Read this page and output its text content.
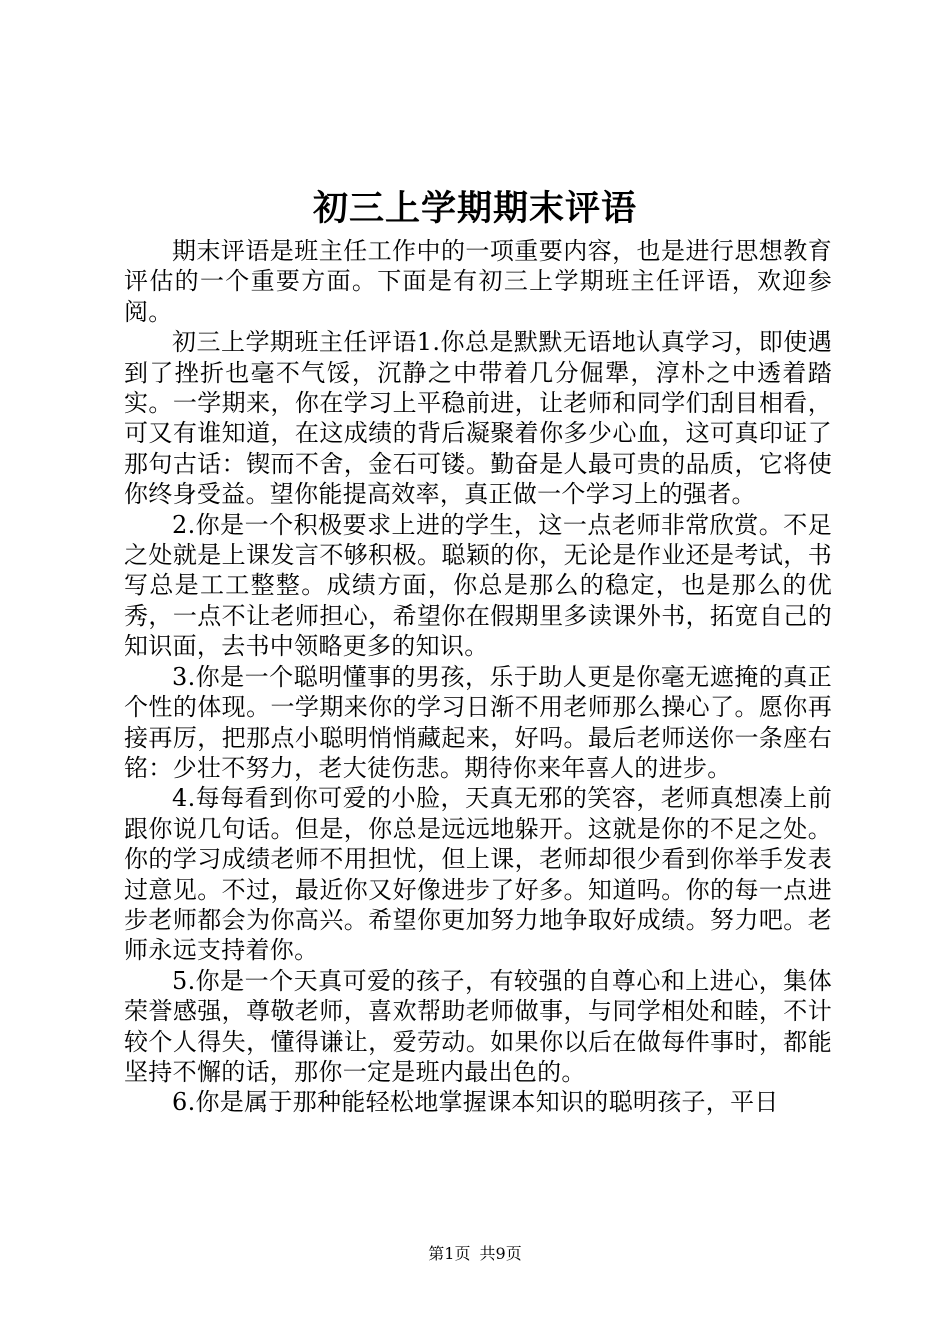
初三上学期期末评语

期末评语是班主任工作中的一项重要内容，也是进行思想教育评估的一个重要方面。下面是有初三上学期班主任评语，欢迎参阅。

初三上学期班主任评语1.你总是默默无语地认真学习，即使遇到了挫折也毫不气馁，沉静之中带着几分倔犟，淳朴之中透着踏实。一学期来，你在学习上平稳前进，让老师和同学们刮目相看，可又有谁知道，在这成绩的背后凝聚着你多少心血，这可真印证了那句古话：锲而不舍，金石可镂。勤奋是人最可贵的品质，它将使你终身受益。望你能提高效率，真正做一个学习上的强者。

2.你是一个积极要求上进的学生，这一点老师非常欣赏。不足之处就是上课发言不够积极。聪颖的你，无论是作业还是考试，书写总是工工整整。成绩方面，你总是那么的稳定，也是那么的优秀，一点不让老师担心，希望你在假期里多读课外书，拓宽自己的知识面，去书中领略更多的知识。

3.你是一个聪明懂事的男孩，乐于助人更是你毫无遮掩的真正个性的体现。一学期来你的学习日渐不用老师那么操心了。愿你再接再厉，把那点小聪明悄悄藏起来，好吗。最后老师送你一条座右铭：少壮不努力，老大徒伤悲。期待你来年喜人的进步。

4.每每看到你可爱的小脸，天真无邪的笑容，老师真想凑上前跟你说几句话。但是，你总是远远地躲开。这就是你的不足之处。你的学习成绩老师不用担忧，但上课，老师却很少看到你举手发表过意见。不过，最近你又好像进步了好多。知道吗。你的每一点进步老师都会为你高兴。希望你更加努力地争取好成绩。努力吧。老师永远支持着你。

5.你是一个天真可爱的孩子，有较强的自尊心和上进心，集体荣誉感强，尊敬老师，喜欢帮助老师做事，与同学相处和睦，不计较个人得失，懂得谦让，爱劳动。如果你以后在做每件事时，都能坚持不懈的话，那你一定是班内最出色的。

6.你是属于那种能轻松地掌握课本知识的聪明孩子，平日

第1页 共9页
